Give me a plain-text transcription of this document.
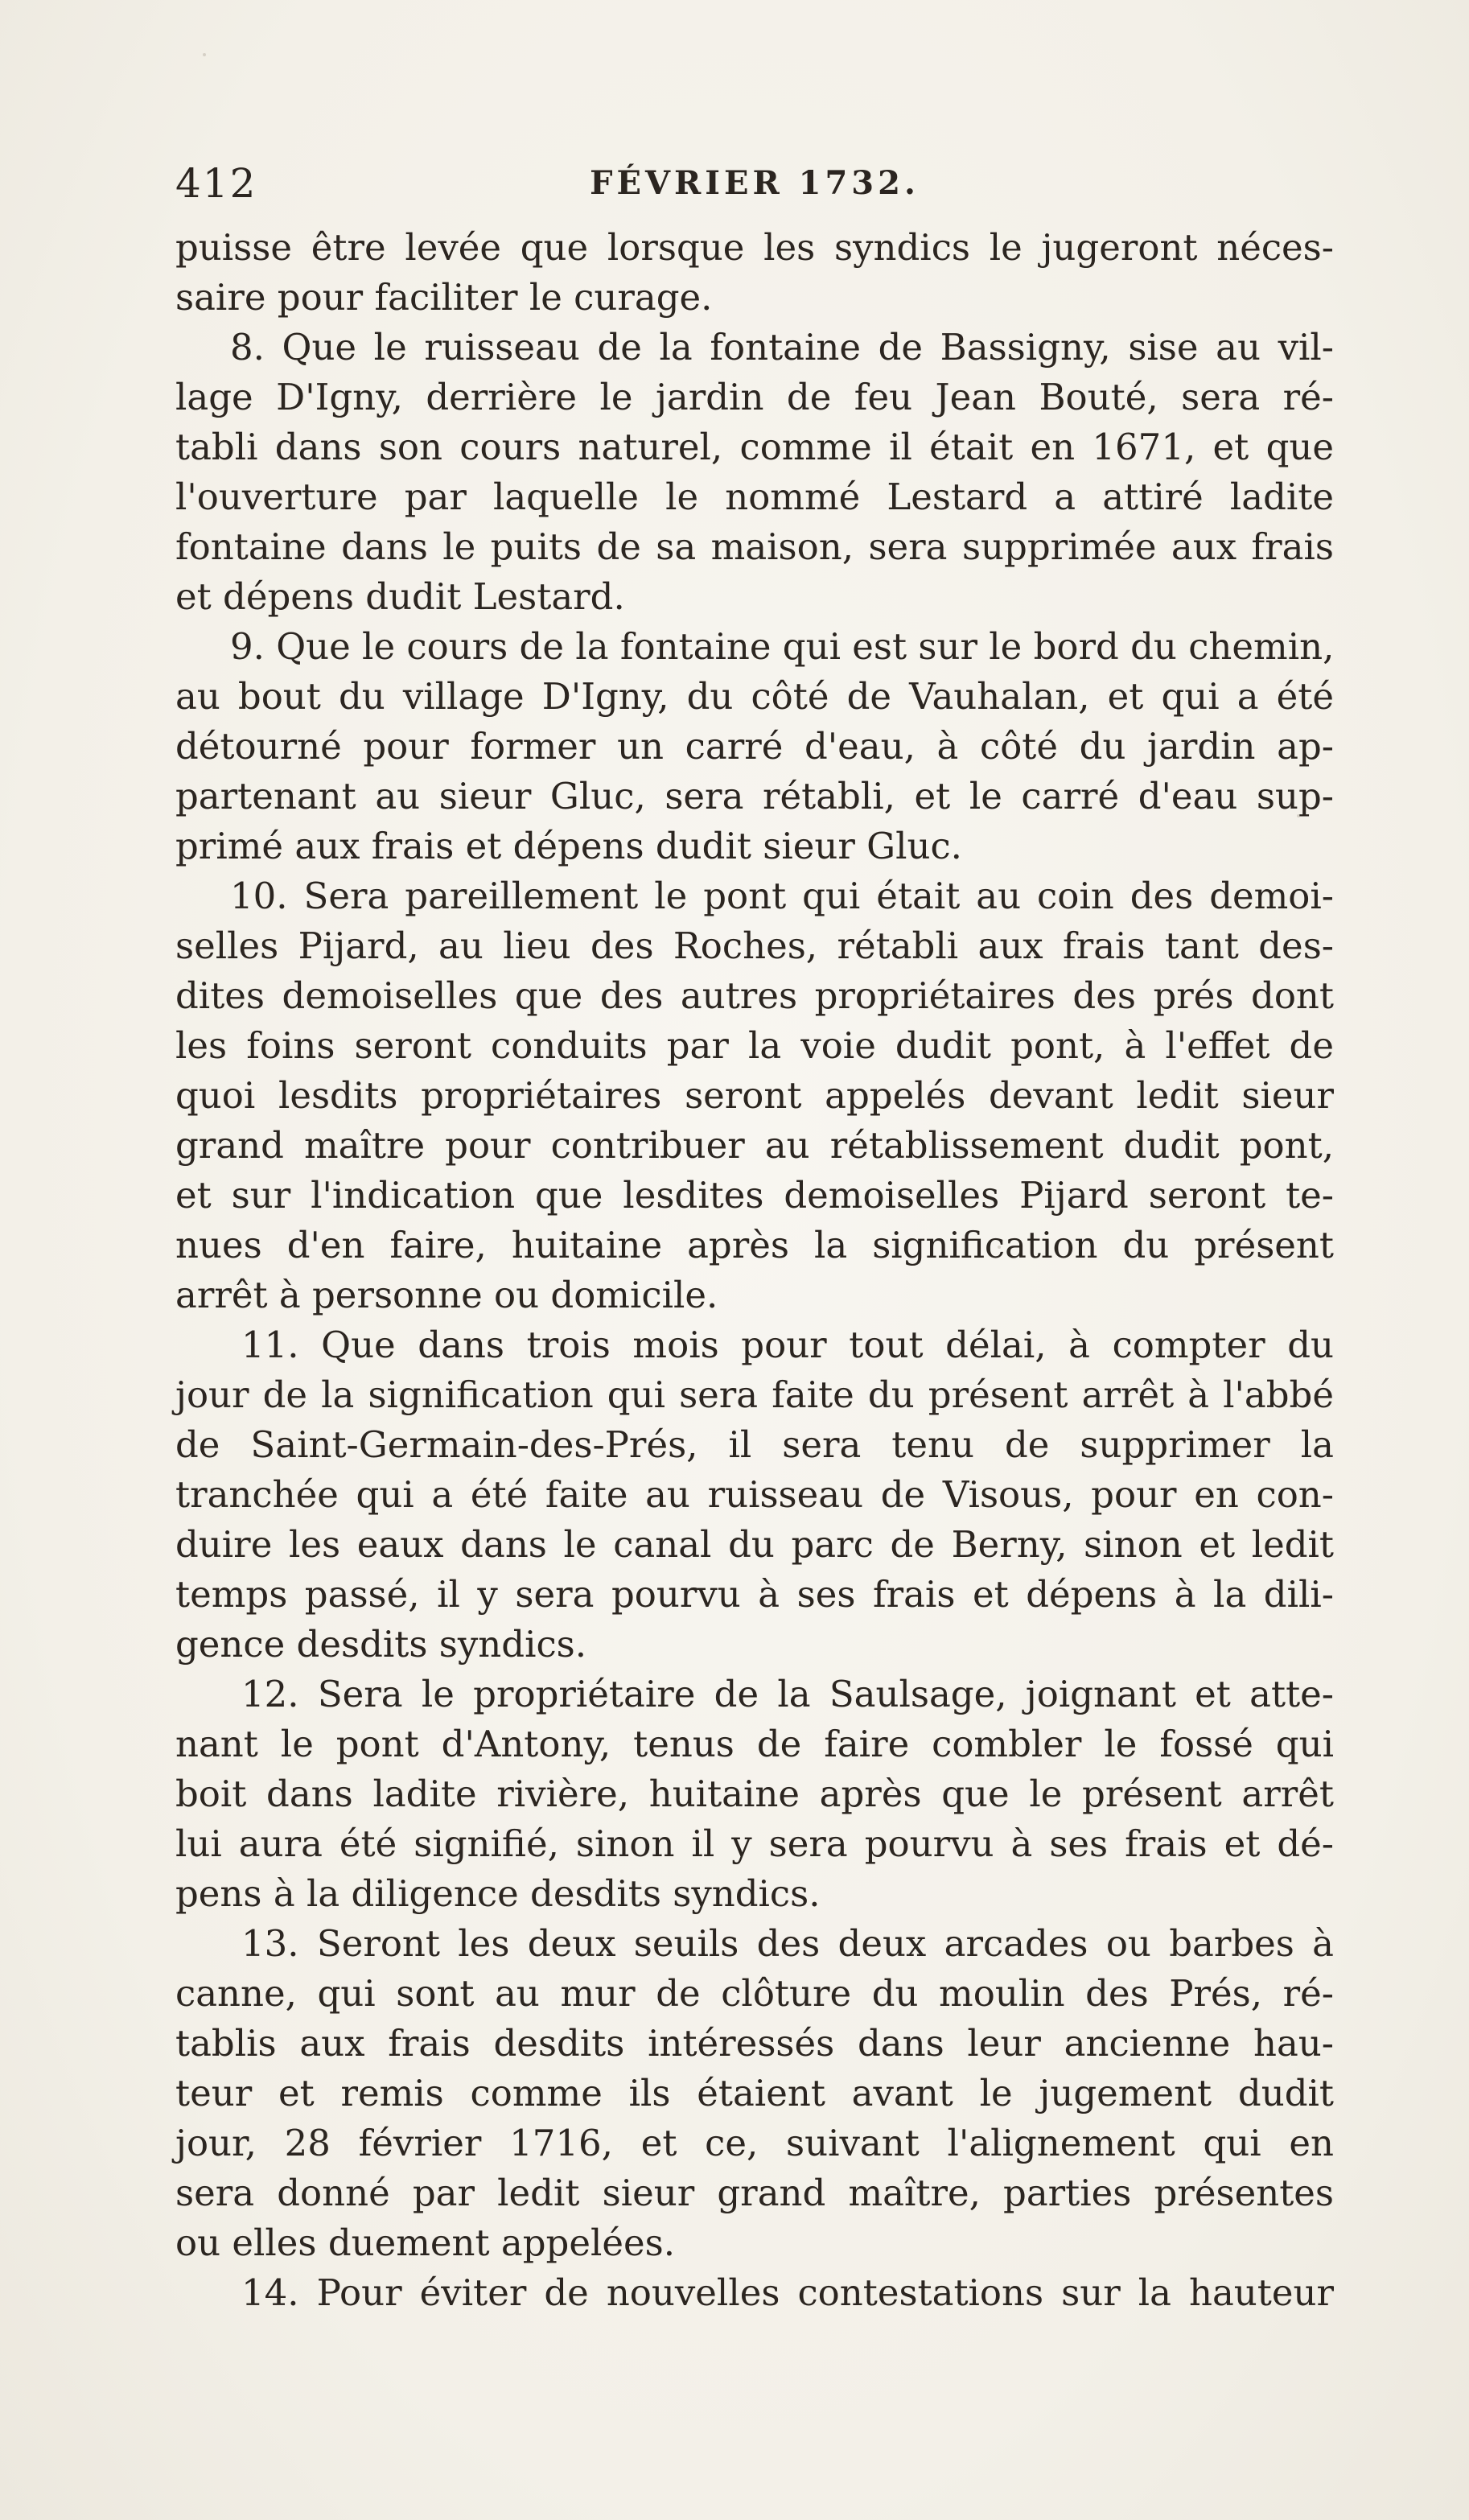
412	FÉVRIER 1732.
puisse être levée que lorsque les syndics le jugeront néces-
saire pour faciliter le curage.
8. Que le ruisseau de la fontaine de Bassigny, sise au vil-
lage D'Igny, derrière le jardin de feu Jean Bouté, sera ré-
tabli dans son cours naturel, comme il était en 1671, et que
l'ouverture par laquelle le nommé Lestard a attiré ladite
fontaine dans le puits de sa maison, sera supprimée aux frais
et dépens dudit Lestard.
9. Que le cours de la fontaine qui est sur le bord du chemin,
au bout du village D'Igny, du côté de Vauhalan, et qui a été
détourné pour former un carré d'eau, à côté du jardin ap-
partenant au sieur Gluc, sera rétabli, et le carré d'eau sup-
primé aux frais et dépens dudit sieur Gluc.
10. Sera pareillement le pont qui était au coin des demoi-
selles Pijard, au lieu des Roches, rétabli aux frais tant des-
dites demoiselles que des autres propriétaires des prés dont
les foins seront conduits par la voie dudit pont, à l'effet de
quoi lesdits propriétaires seront appelés devant ledit sieur
grand maître pour contribuer au rétablissement dudit pont,
et sur l'indication que lesdites demoiselles Pijard seront te-
nues d'en faire, huitaine après la signification du présent
arrêt à personne ou domicile.
11. Que dans trois mois pour tout délai, à compter du
jour de la signification qui sera faite du présent arrêt à l'abbé
de Saint-Germain-des-Prés, il sera tenu de supprimer la
tranchée qui a été faite au ruisseau de Visous, pour en con-
duire les eaux dans le canal du parc de Berny, sinon et ledit
temps passé, il y sera pourvu à ses frais et dépens à la dili-
gence desdits syndics.
12. Sera le propriétaire de la Saulsage, joignant et atte-
nant le pont d'Antony, tenus de faire combler le fossé qui
boit dans ladite rivière, huitaine après que le présent arrêt
lui aura été signifié, sinon il y sera pourvu à ses frais et dé-
pens à la diligence desdits syndics.
13. Seront les deux seuils des deux arcades ou barbes à
canne, qui sont au mur de clôture du moulin des Prés, ré-
tablis aux frais desdits intéressés dans leur ancienne hau-
teur et remis comme ils étaient avant le jugement dudit
jour, 28 février 1716, et ce, suivant l'alignement qui en
sera donné par ledit sieur grand maître, parties présentes
ou elles duement appelées.
14. Pour éviter de nouvelles contestations sur la hauteur
